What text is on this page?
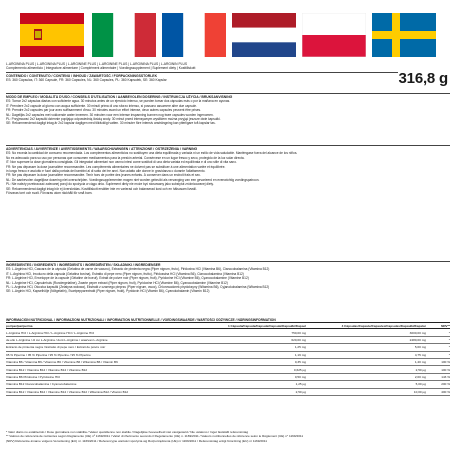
L-ARGININA PLUS | L-ARGININA PLUS | L-ARGININE PLUS | L-ARGININE PLUS | L-ARGININA PLUS | L-ARGININ PLUS
Complemento alimenticio | Integratore alimentare | Complément alimentaire | Voedingssupplement | Suplement diety | Kosttillskott
CONTENIDO / CONTENUTO / CONTENU / INHOUD / ZAWARTOŚĆ / FÖRPACKNINGSSTORLEK
ES: 360 Cápsulas, IT: 360 Capsule, FR: 360 Capsules, NL: 360 Capsules, PL: 360 Kapsułek, SE: 360 Kapslar	316,8 g
MODO DE EMPLEO / MODALITÀ D'USO / CONSEILS D'UTILISATION / AANBEVOLEN DOSERING / INSTRUKCJA UŻYCIA / BRUKSANVISNING
ES: Tomar 2x2 cápsulas diarias con suficiente agua. 30 minutos antes de un ejercicio intenso, se pueden tomar dos cápsulas más o por la mañana en ayunas.
IT: Prendere 2x2 capsule al giorno con acqua sufficiente. 30 minuti prima di uno sforzo intenso, si possono assumere altre due capsule.
FR: Prendre 2x2 capsules par jour avec suffisamment d'eau. 30 minutes avant un effort intense, deux autres capsules peuvent être prises.
NL: Dagelijks 2x2 capsules met voldoende water innemen. 30 minuten voor een intense inspanning kunnen nog twee capsules worden ingenomen.
PL: Przyjmować 2x2 kapsułki dziennie popijając odpowiednią ilością wody. 30 minut przed intensywnym wysiłkiem można przyjąć jeszcze dwie kapsułki.
SE: Rekommenderat dagligt intag är 2x2 kapslar dagligen med tillräckligt vatten. 30 minuter före intensiv ansträngning kan ytterligare två kapslar tas.
ADVERTENCIAS / AVVERTENZE / AVERTISSEMENTS / WAARSCHUWINGEN / ATTENZIONE / OSTRZEŻENIA / VARNING
ES: No exceda la cantidad de consumo recomendada. Los complementos alimenticios no sustituyen una dieta equilibrada y variada ni un estilo de vida saludable. Manténgase fuera del alcance de los niños.
No es adecuado para su uso por personas que consumen medicamentos para la presión arterial. Consérvese en un lugar fresco y seco, protegido de la luz solar directa.
IT: Non superare la dose giornaliera consigliata. Gli integratori alimentari non vanno intesi come sostituti di una dieta variata ed equilibrata e di uno stile di vita sano.
FR: Ne pas dépasser la dose journalière recommandée. Les compléments alimentaires ne doivent pas se substituer à une alimentation variée et équilibrée.
in lungo fresco e asciutto e fuori dalla portata dei bambini al di sotto dei tre anni. Non adatto alle donne in gravidanza o durante l'allattamento.
FR: Ne pas dépasser la dose journalière recommandée. Tenir hors de portée des jeunes enfants. À conserver dans un endroit frais et sec.
NL: De aanbevolen dagelijkse dosering niet overschrijden. Voedingssupplementen mogen niet worden gebruikt als vervanging van een gevarieerd en evenwichtig voedingspatroon.
PL: Nie należy przekraczać zalecanej porcji do spożycia w ciągu dnia. Suplement diety nie może być stosowany jako substytut zróżnicowanej diety.
SE: Rekommenderat dagligt intag bör ej överskridas. Kosttillskott ersätter inte en varierad och balanserad kost och en hälsosam livsstil.
Förvaras torrt och svalt. Förvaras utom räckhåll för små barn.
INGREDIENTES / INGREDIENTI / INGRÉDIENTS / INGREDIËNTEN / SKŁADNIKI / INGREDIENSER
ES: L-Arginina HCl, Cascara de la cápsula (Gelatina de carne de vacuno), Extracto de pimienta negra (Piper nigrum, fruto), Piridoxina HCl (Vitamina B6), Cianocobalamina (Vitamina B12)
IT: L-Arginina HCl, Involucro della capsula (Gelatina bovina), Estratto di pepe nero (Piper nigrum, frutto), Piridossina HCl (Vitamina B6), Cianocobalamina (Vitamina B12)
FR: L-Arginine HCl, Enveloppe de la capsule (Gélatine de boeuf), Extrait de poivre noir (Piper nigrum, fruit), Pyridoxine HCl (Vitamine B6), Cyanocobalamine (Vitamine B12)
NL: L-Arginine HCl, Capsulehuls (Rundergelatine), Zwarte peper extract (Piper nigrum, fruit), Pyridoxine HCl (Vitamine B6), Cyanocobalamine (Vitamine B12)
PL: L-Arginina HCl, Otoczka kapsułki (Żelatyna wołowa), Ekstrakt z czarnego pieprzu (Piper nigrum, owoc), Chlorowodorek pirydoksyny (Witamina B6), Cyjanokobalamina (Witamina B12)
SE: L-Arginin HCl, Kapselhölje (Nötgelatin), Svartpepparextrakt (Piper nigrum, frukt), Pyridoxin HCl (Vitamin B6), Cyanokobalamin (Vitamin B12)
INFORMACIÓN NUTRICIONAL / INFORMAZIONI NUTRIZIONALI / INFORMATION NUTRITIONNELLE / VOEDINGSWAARDE / WARTOŚCI ODŻYWCZE / NÄRINGSINFORMATION
por/per/par/per/na	1 Cápsula/Capsule/Capsule/Capsule/Kapsułki/Kapsel	4 Cápsulas/Capsule/Capsules/Capsules/Kapsułki/Kapslar	NRV**
L-Arginina HCl / L-Arginina HCl / L-Arginine HCl / L-Arginine HCl	750,00 mg	3000,00 mg	*
de ello L-Arginina / di cui L-Arginina / dont L-Arginine / waarvan L-Arginine	620,00 mg	2480,00 mg	*
Extracto de pimienta negra / Estratto di pepe nero / Extrait de poivre noir	1,25 mg	5,00 mg	*
95 % Piperine / 95 % Piperina / 95 % Piperine / 95 % Piperine	1,19 mg	4,75 mg	*
Vitamina B6 / Vitamina B6 / Vitamine B6 / Vitamine B6 / Witamina B6 / Vitamin B6	0,35 mg	1,40 mg	100 %
Vitamina B12 / Vitamina B12 / Vitamine B12 / Vitamine B12	0,625 µg	2,50 µg	100 %
Vitamina B6 Piridoxina / Pyridoxine HCl	0,50 mg	2,00 mg	143 %
Vitamina B12 Cianocobalamina / Cyanocobalamine	1,25 µg	5,00 µg	200 %
Vitamina B12 / Vitamina B12 / Vitamine B12 / Vitamine B12 / Witamina B12 / Vitamin B12	2,50 µg	10,00 µg	400 %
* Valor diario no establecido / Dose giornaliera non stabilita / Valeur quotidienne non établie / Dagelijkse hoeveelheid niet vastgesteld / Nie ustalono / Inget fastställt referensintag
** Valores de referencia de nutrientes según Reglamento (UE) nº 1169/2011 / Valori di riferimento secondo il Regolamento (UE) n. 1169/2011 / Valeurs nutritionnelles de référence selon le Règlement (UE) n° 1169/2011
(NRV) Referentie-inname volgens Verordening (EU) nr. 1169/2011 / Referencyjne wartości spożycia wg Rozporządzenia (UE) nr 1169/2011 / Referensintag enligt förordning (EU) nr 1169/2011
